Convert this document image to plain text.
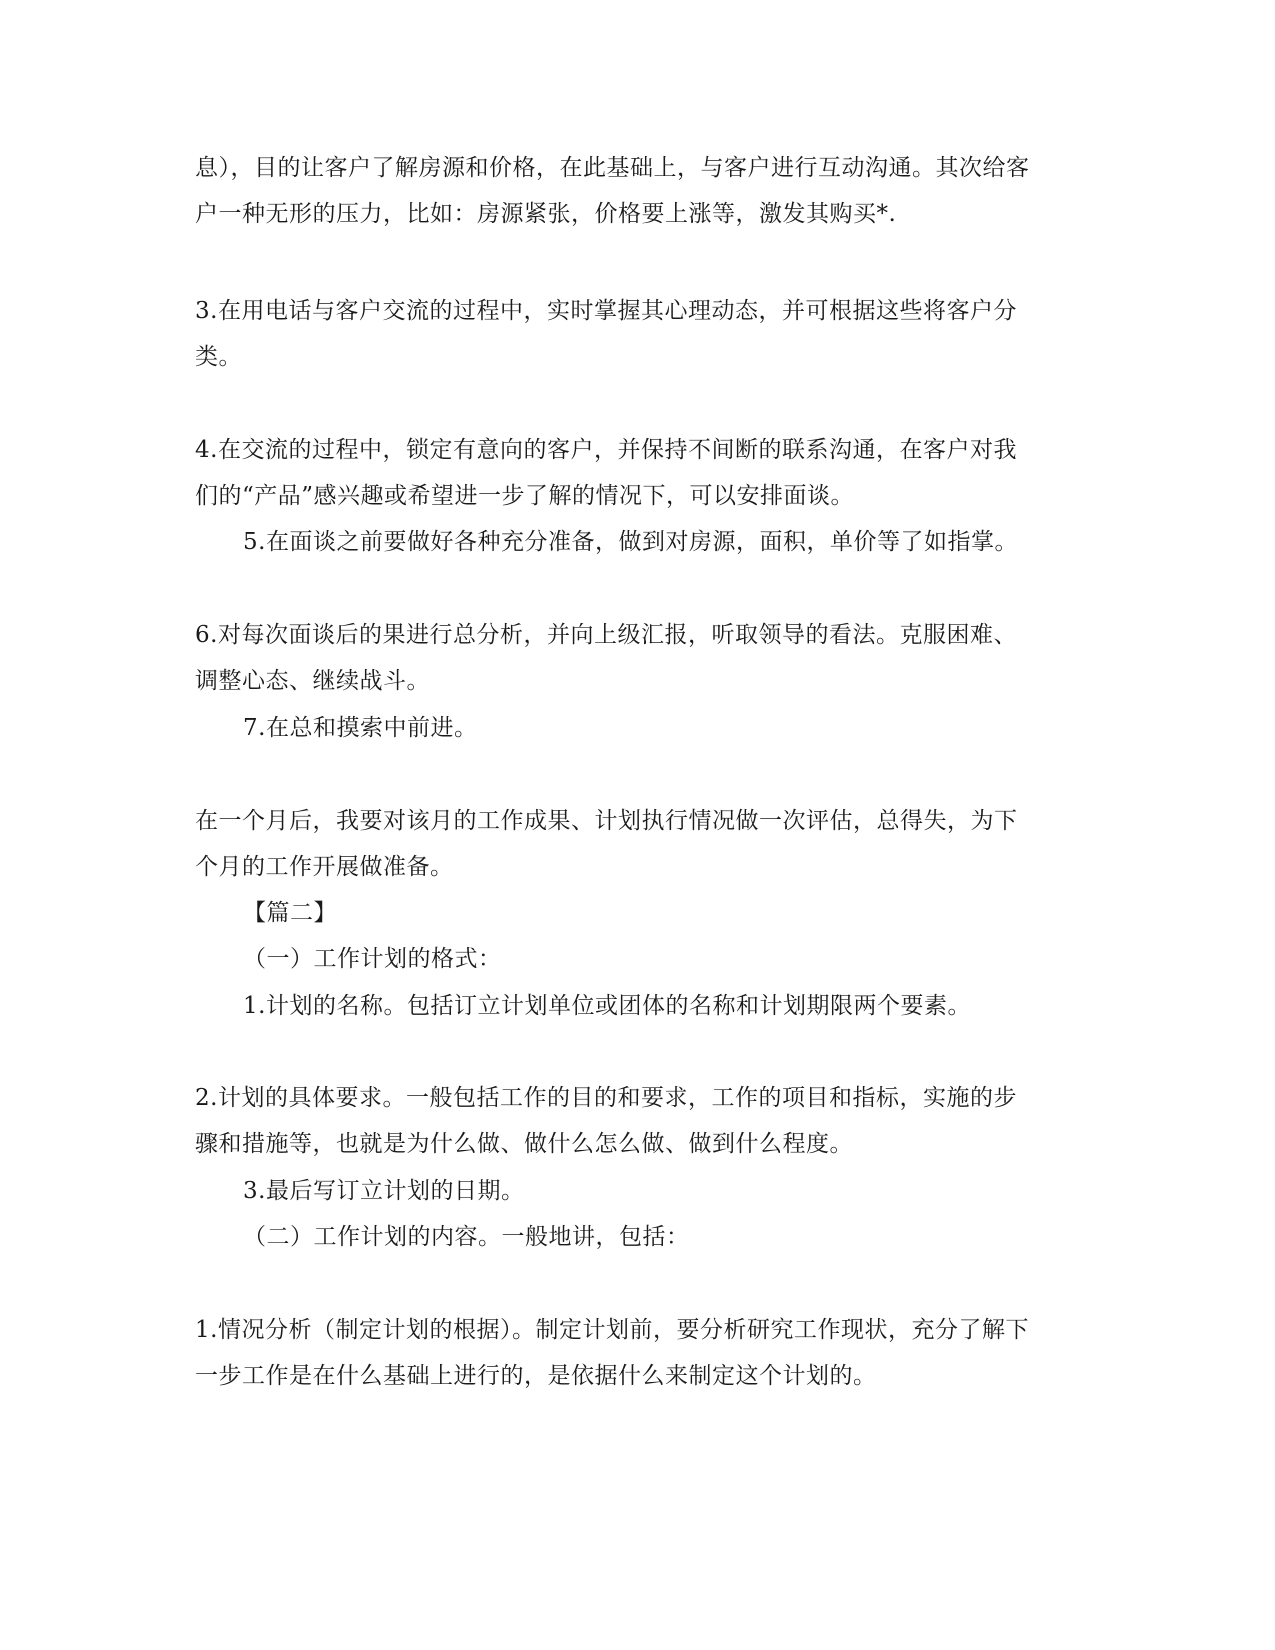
息），目的让客户了解房源和价格，在此基础上，与客户进行互动沟通。其次给客
户一种无形的压力，比如：房源紧张，价格要上涨等，激发其购买*.
3.在用电话与客户交流的过程中，实时掌握其心理动态，并可根据这些将客户分
类。
4.在交流的过程中，锁定有意向的客户，并保持不间断的联系沟通，在客户对我
们的“产品”感兴趣或希望进一步了解的情况下，可以安排面谈。
5.在面谈之前要做好各种充分准备，做到对房源，面积，单价等了如指掌。
6.对每次面谈后的果进行总分析，并向上级汇报，听取领导的看法。克服困难、
调整心态、继续战斗。
7.在总和摸索中前进。
在一个月后，我要对该月的工作成果、计划执行情况做一次评估，总得失，为下
个月的工作开展做准备。
【篇二】
（一）工作计划的格式：
1.计划的名称。包括订立计划单位或团体的名称和计划期限两个要素。
2.计划的具体要求。一般包括工作的目的和要求，工作的项目和指标，实施的步
骤和措施等，也就是为什么做、做什么怎么做、做到什么程度。
3.最后写订立计划的日期。
（二）工作计划的内容。一般地讲，包括：
1.情况分析（制定计划的根据）。制定计划前，要分析研究工作现状，充分了解下
一步工作是在什么基础上进行的，是依据什么来制定这个计划的。
